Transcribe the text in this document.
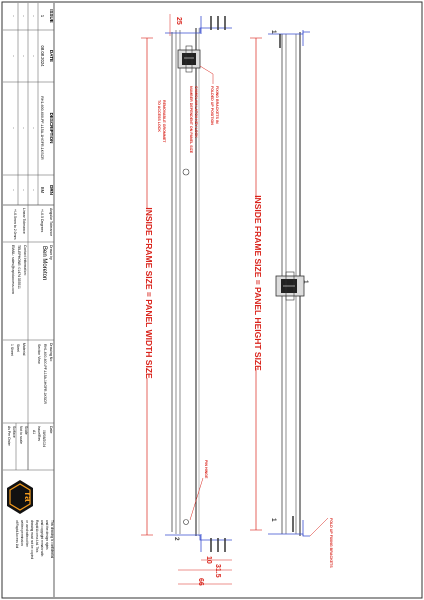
ISSUE
DATE
DESCRIPTION
DRN
1
08.08.2024
RH1-600-600-PF-L15A-1HGFR-1KSCR
BM
-
-
-
-
-
-
-
-
-
-
-
-
Angular Tolerance
+/-0.5 Degrees
Linear Tolerance
+/-0.5mm to 2.0mm
Drawn by
Ben Moreton
Contact Information:
TELEPHONE: 01474 355511
EMAIL: sales@rapidaccess.com
Drawing No
RH1-600-600-PF-L15A-1HGFR-1KSCR
Section View
Material
Steel
1 Sheet
Date
08/08/2024
Issue/Rev
A1
Scale
Not to scale
Surface
As Per Order
ra
This drawing is confidential
and the design rights
and copyright remain with
Rapid Access Ltd. This
drawing must not be copied
or used without the
written permission
of Rapid Access Ltd
INSIDE FRAME SIZE = PANEL WIDTH SIZE
25
2
10
31.5
66
FIXING BRACKETS IN
FOLDED UP POSITION
CAM/SLAM LATCH KEY LOCK
NUMBER DEPENDENT ON PANEL SIZE
REMOVABLE GROMMET
TO ACCESS LOCK
PIN HINGE
INSIDE FRAME SIZE = PANEL HEIGHT SIZE
1
1
1
FOLD UP FIXING BRACKETS
